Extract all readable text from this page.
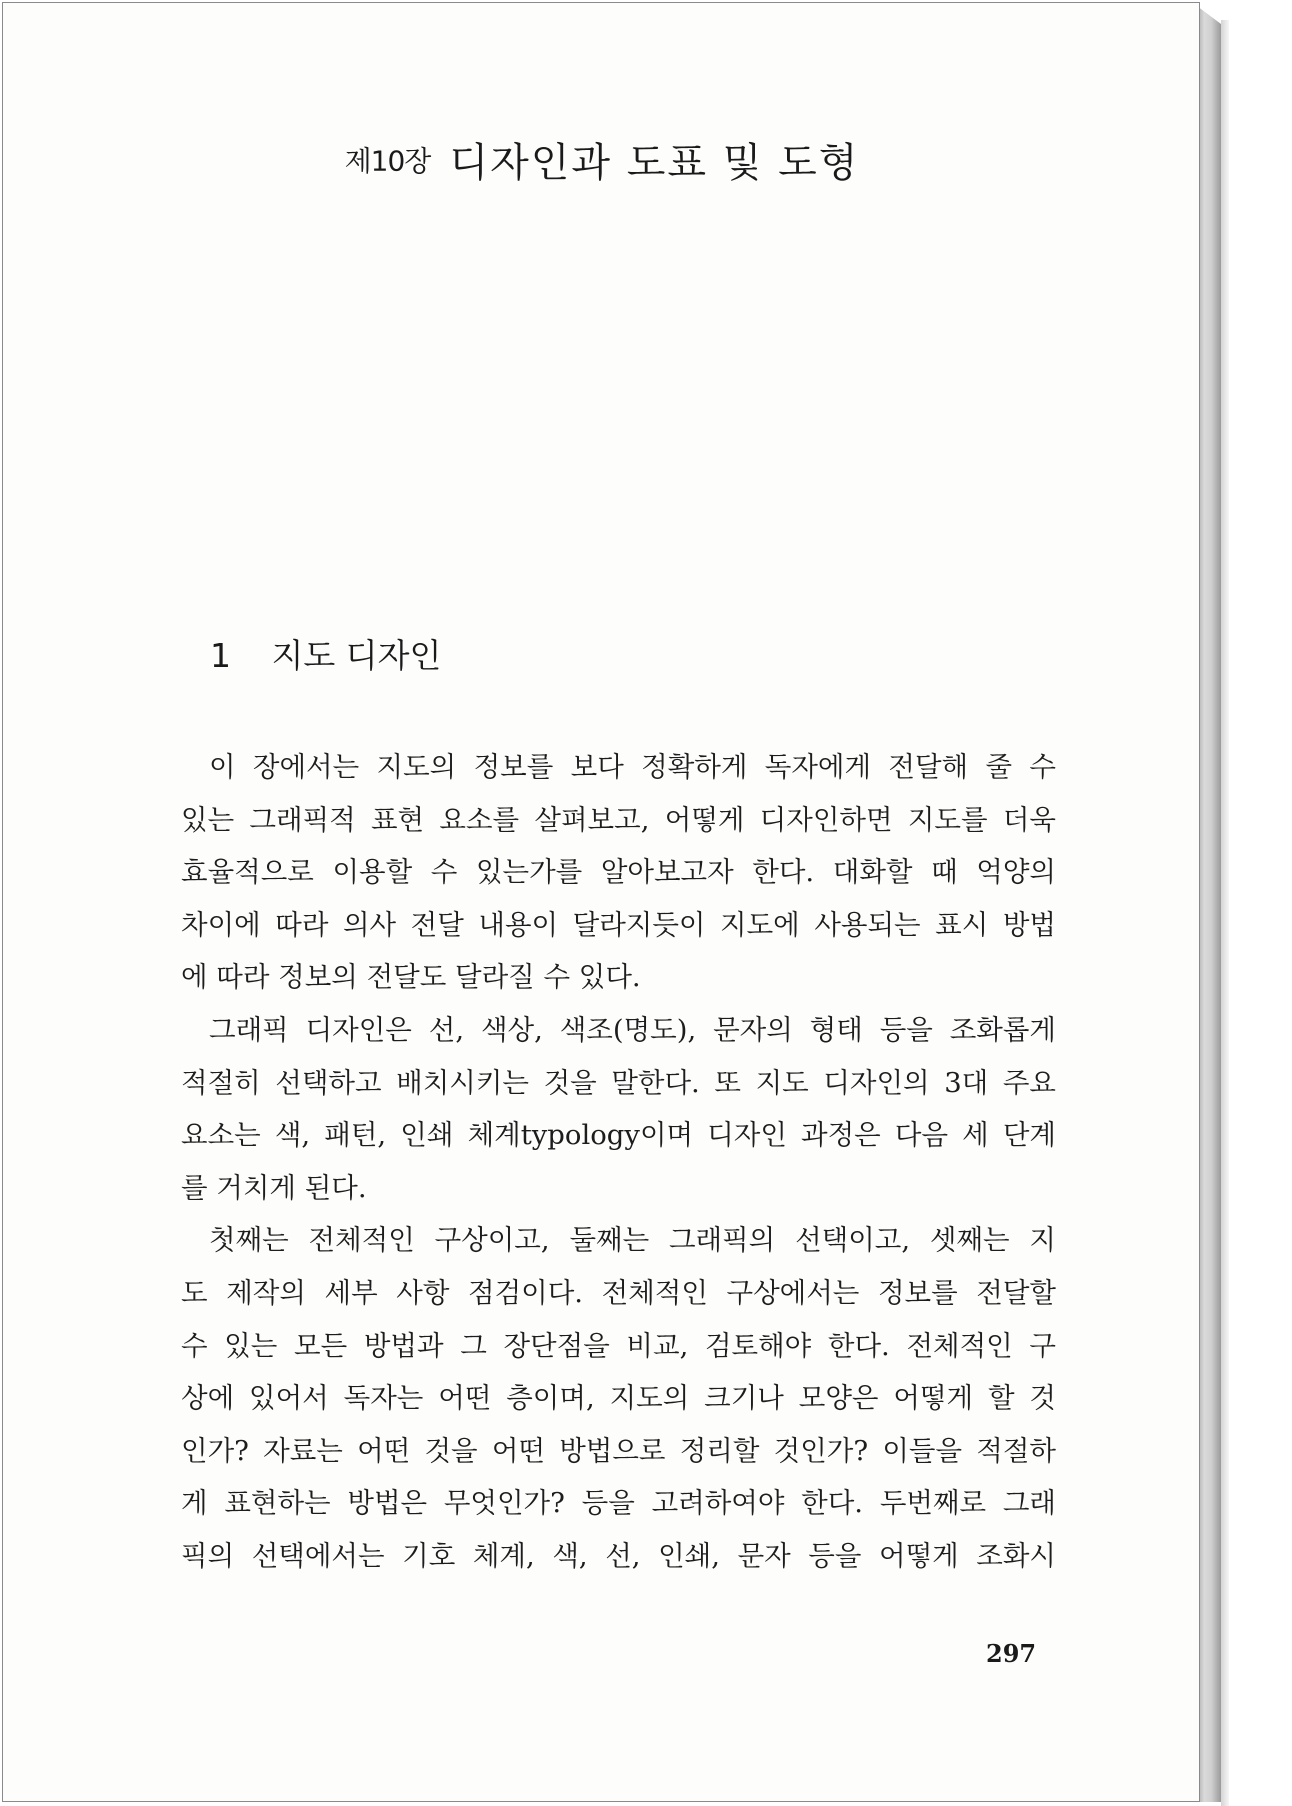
제10장 디자인과 도표 및 도형
1 지도 디자인
이 장에서는 지도의 정보를 보다 정확하게 독자에게 전달해 줄 수
있는 그래픽적 표현 요소를 살펴보고, 어떻게 디자인하면 지도를 더욱
효율적으로 이용할 수 있는가를 알아보고자 한다. 대화할 때 억양의
차이에 따라 의사 전달 내용이 달라지듯이 지도에 사용되는 표시 방법
에 따라 정보의 전달도 달라질 수 있다.
그래픽 디자인은 선, 색상, 색조(명도), 문자의 형태 등을 조화롭게
적절히 선택하고 배치시키는 것을 말한다. 또 지도 디자인의 3대 주요
요소는 색, 패턴, 인쇄 체계typology이며 디자인 과정은 다음 세 단계
를 거치게 된다.
첫째는 전체적인 구상이고, 둘째는 그래픽의 선택이고, 셋째는 지
도 제작의 세부 사항 점검이다. 전체적인 구상에서는 정보를 전달할
수 있는 모든 방법과 그 장단점을 비교, 검토해야 한다. 전체적인 구
상에 있어서 독자는 어떤 층이며, 지도의 크기나 모양은 어떻게 할 것
인가? 자료는 어떤 것을 어떤 방법으로 정리할 것인가? 이들을 적절하
게 표현하는 방법은 무엇인가? 등을 고려하여야 한다. 두번째로 그래
픽의 선택에서는 기호 체계, 색, 선, 인쇄, 문자 등을 어떻게 조화시
297
